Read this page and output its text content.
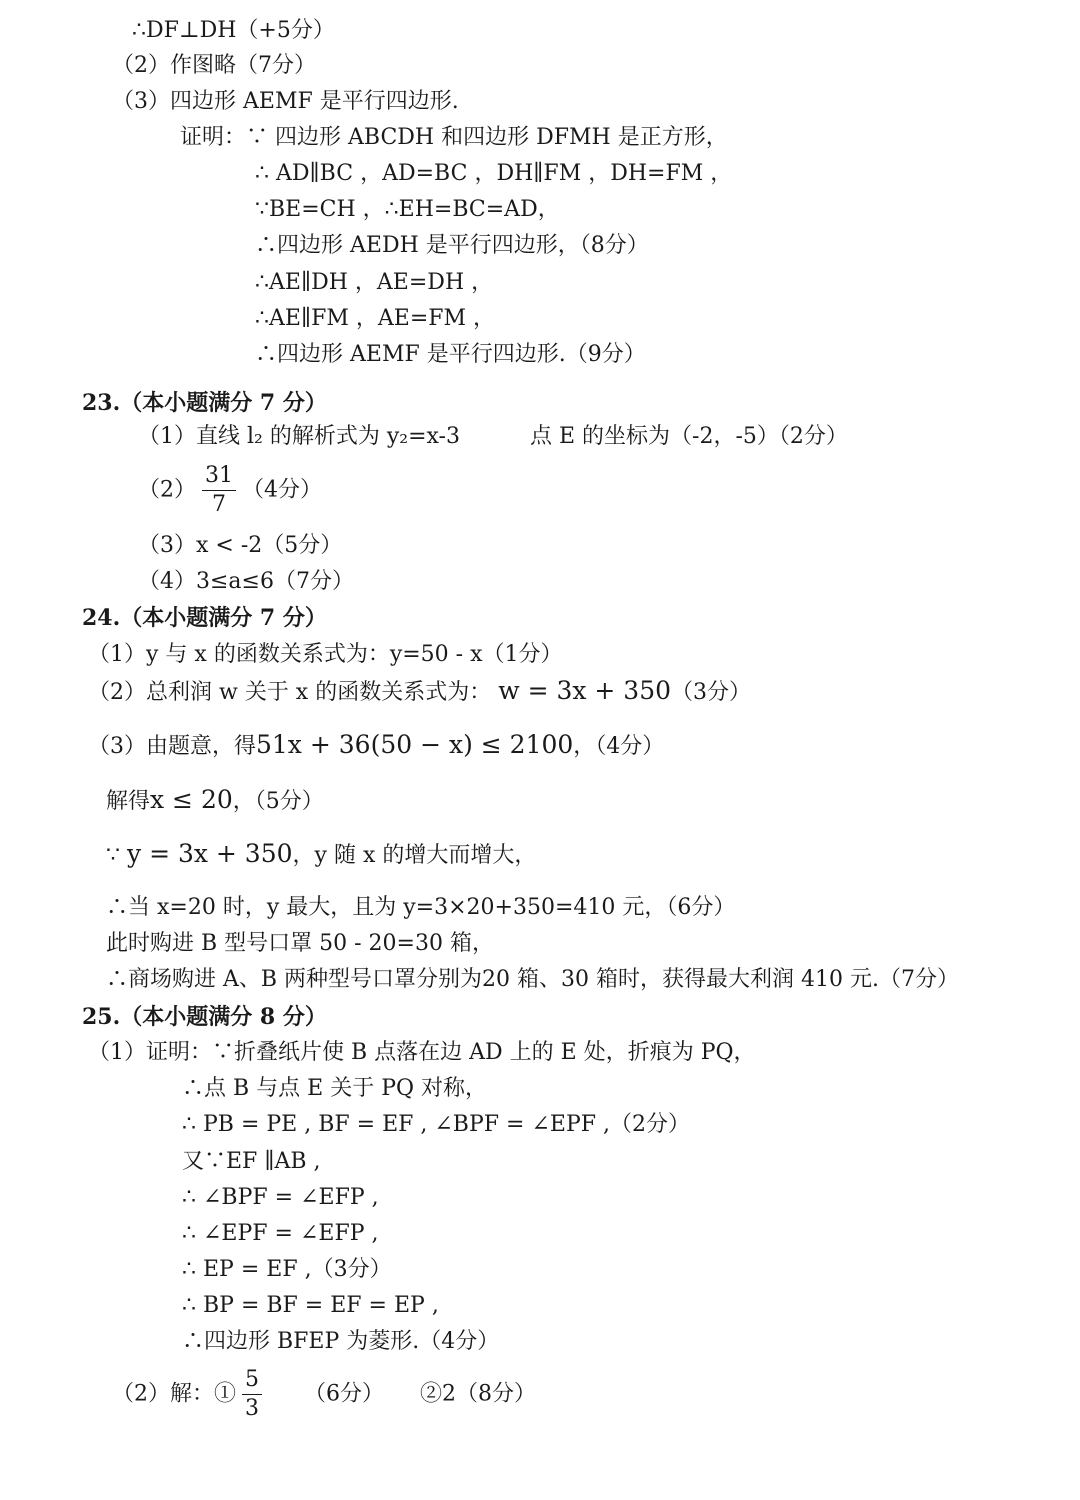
∴DF⊥DH（+5分）
（2）作图略（7分）
（3）四边形 AEMF 是平行四边形.
证明：∵ 四边形 ABCDH 和四边形 DFMH 是正方形，
∴ AD∥BC ，AD=BC ，DH∥FM ，DH=FM ，
∵BE=CH ，∴EH=BC=AD，
∴四边形 AEDH 是平行四边形，（8分）
∴AE∥DH ，AE=DH ，
∴AE∥FM ，AE=FM ，
∴四边形 AEMF 是平行四边形.（9分）
23.（本小题满分 7 分）
（1）直线 l₂ 的解析式为 y₂=x-3	点 E 的坐标为（-2，-5）（2分）
$(2) \frac{31}{7} (4$分）
（3）x < -2（5分）
（4）3≤a≤6（7分）
24.（本小题满分 7 分）
（1）y 与 x 的函数关系式为：y=50 - x（1分）
（2）总利润 w 关于 x 的函数关系式为： w = 3x + 350（3分）
（3）由题意，得51x + 36(50 − x) ≤ 2100，（4分）
解得x ≤ 20，（5分）
∵ y = 3x + 350，y 随 x 的增大而增大，
∴当 x=20 时，y 最大，且为 y=3×20+350=410 元，（6分）
此时购进 B 型号口罩 50 - 20=30 箱，
∴商场购进 A、B 两种型号口罩分别为20 箱、30 箱时，获得最大利润 410 元.（7分）
25.（本小题满分 8 分）
（1）证明：∵折叠纸片使 B 点落在边 AD 上的 E 处，折痕为 PQ，
∴点 B 与点 E 关于 PQ 对称，
∴ PB = PE , BF = EF , ∠BPF = ∠EPF ,（2分）
又∵EF ∥AB ,
∴ ∠BPF = ∠EFP ,
∴ ∠EPF = ∠EFP ,
∴ EP = EF ,（3分）
∴ BP = BF = EF = EP ,
∴四边形 BFEP 为菱形.（4分）
（2）解：① $\frac{5}{3} (6$分） ②2（8分）
